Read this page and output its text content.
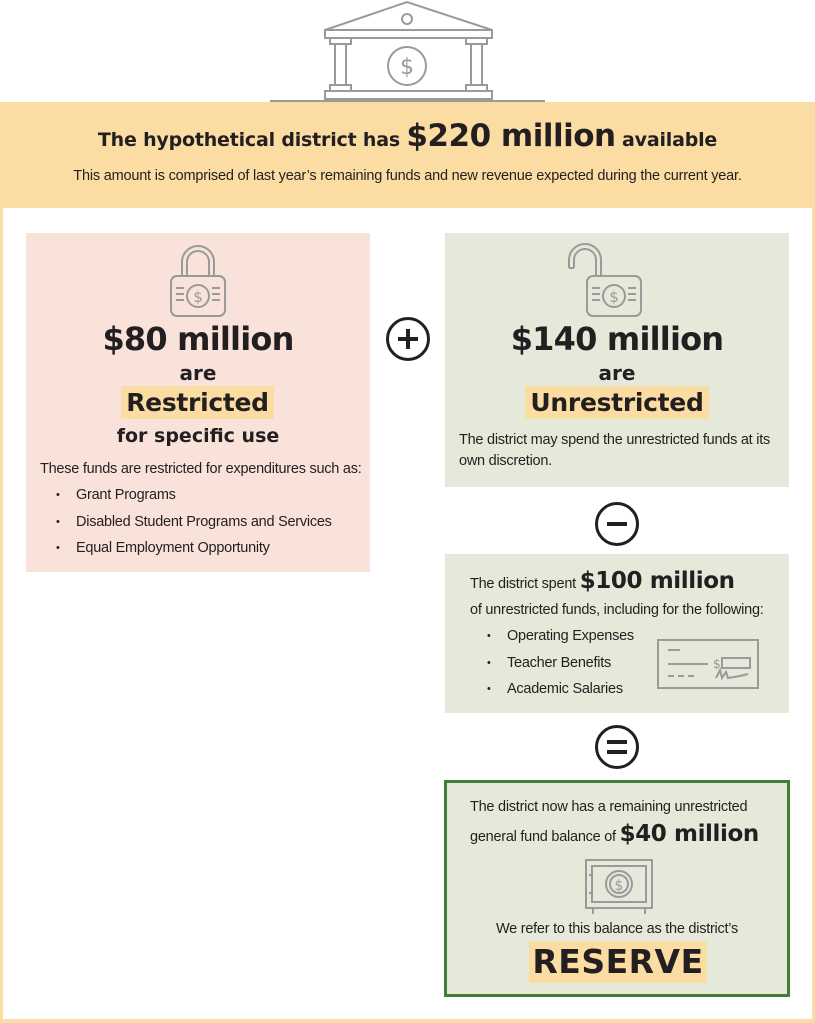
$
The hypothetical district has $220 million available
This amount is comprised of last year’s remaining funds and new revenue expected during the current year.
$
$80 million
are
Restricted
for specific use
These funds are restricted for expenditures such as:
• Grant Programs
• Disabled Student Programs and Services
• Equal Employment Opportunity
$
$140 million
are
Unrestricted
The district may spend the unrestricted funds at its own discretion.
The district spent $100 million
of unrestricted funds, including for the following:
• Operating Expenses
• Teacher Benefits
• Academic Salaries
$
The district now has a remaining unrestricted
general fund balance of $40 million
$
We refer to this balance as the district’s
RESERVE
